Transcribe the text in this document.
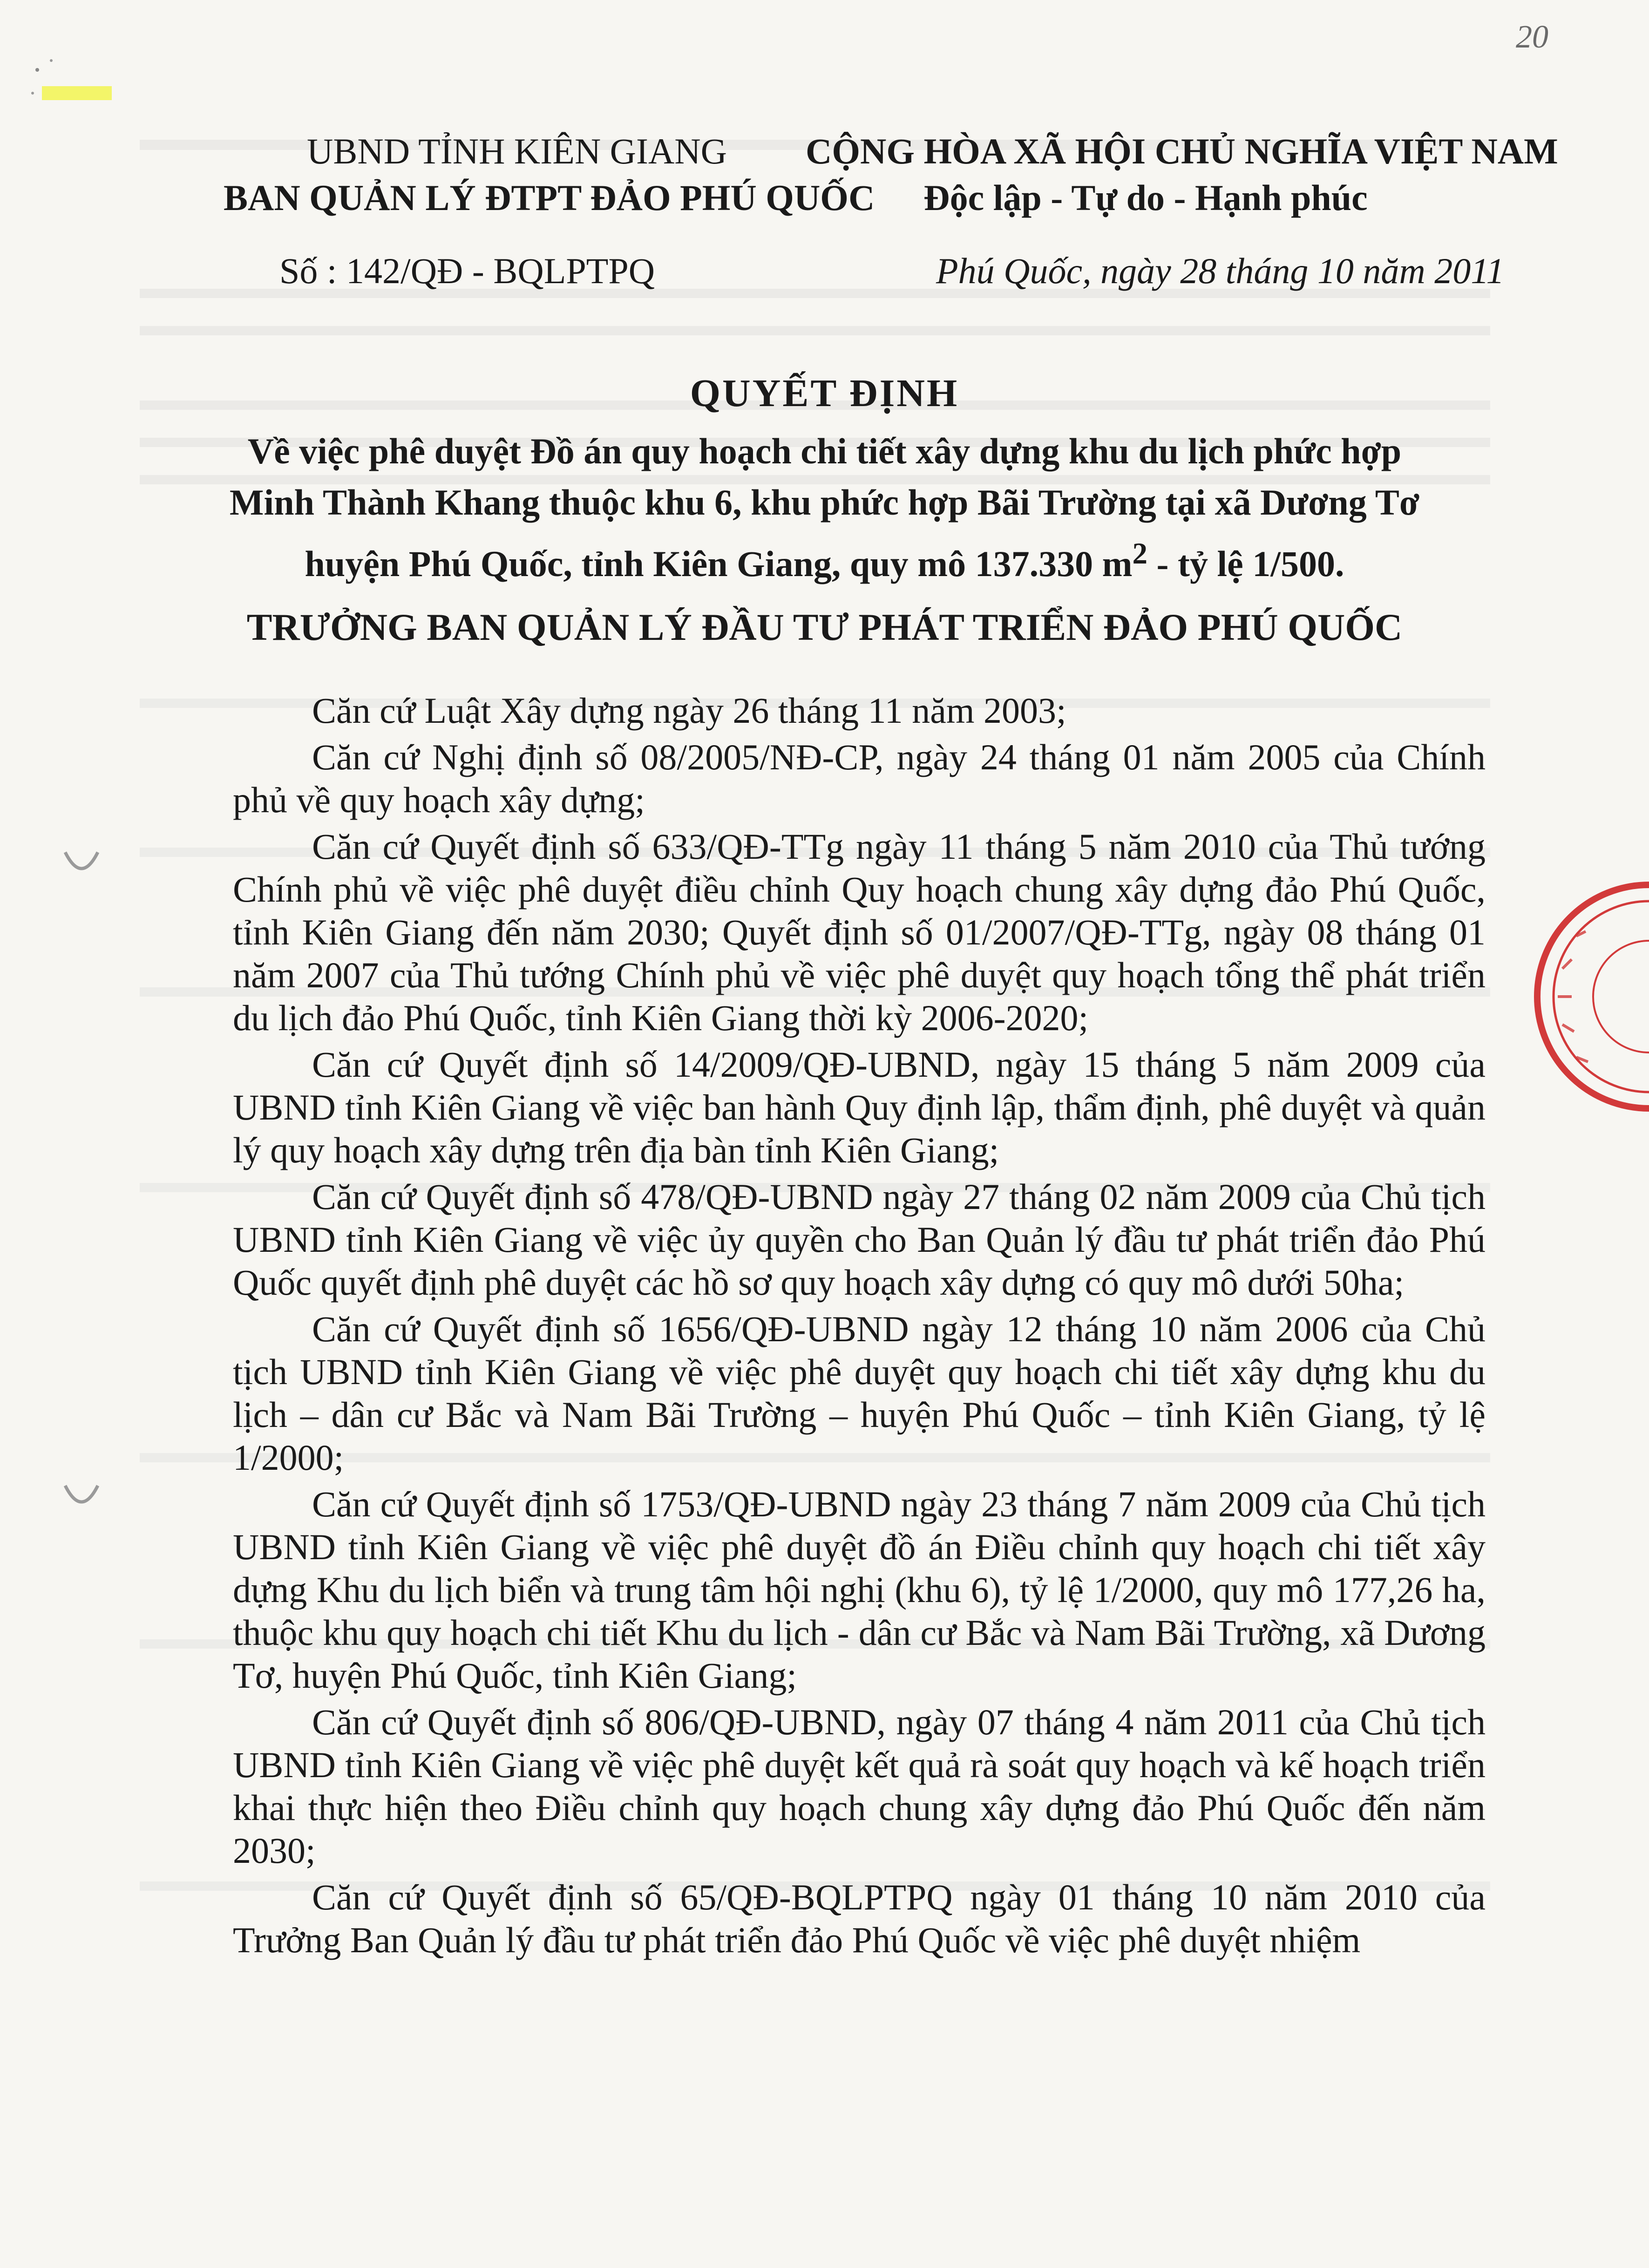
20
UBND TỈNH KIÊN GIANG
BAN QUẢN LÝ ĐTPT ĐẢO PHÚ QUỐC
CỘNG HÒA XÃ HỘI CHỦ NGHĨA VIỆT NAM
Độc lập - Tự do - Hạnh phúc
Số : 142/QĐ - BQLPTPQ	Phú Quốc, ngày 28 tháng 10 năm 2011
QUYẾT ĐỊNH
Về việc phê duyệt Đồ án quy hoạch chi tiết xây dựng khu du lịch phức hợp
Minh Thành Khang thuộc khu 6, khu phức hợp Bãi Trường tại xã Dương Tơ
huyện Phú Quốc, tỉnh Kiên Giang, quy mô 137.330 $m^2$ - tỷ lệ 1/500.
TRƯỞNG BAN QUẢN LÝ ĐẦU TƯ PHÁT TRIỂN ĐẢO PHÚ QUỐC

Căn cứ Luật Xây dựng ngày 26 tháng 11 năm 2003;

Căn cứ Nghị định số 08/2005/NĐ-CP, ngày 24 tháng 01 năm 2005 của Chính phủ về quy hoạch xây dựng;

Căn cứ Quyết định số 633/QĐ-TTg ngày 11 tháng 5 năm 2010 của Thủ tướng Chính phủ về việc phê duyệt điều chỉnh Quy hoạch chung xây dựng đảo Phú Quốc, tỉnh Kiên Giang đến năm 2030; Quyết định số 01/2007/QĐ-TTg, ngày 08 tháng 01 năm 2007 của Thủ tướng Chính phủ về việc phê duyệt quy hoạch tổng thể phát triển du lịch đảo Phú Quốc, tỉnh Kiên Giang thời kỳ 2006-2020;

Căn cứ Quyết định số 14/2009/QĐ-UBND, ngày 15 tháng 5 năm 2009 của UBND tỉnh Kiên Giang về việc ban hành Quy định lập, thẩm định, phê duyệt và quản lý quy hoạch xây dựng trên địa bàn tỉnh Kiên Giang;

Căn cứ Quyết định số 478/QĐ-UBND ngày 27 tháng 02 năm 2009 của Chủ tịch UBND tỉnh Kiên Giang về việc ủy quyền cho Ban Quản lý đầu tư phát triển đảo Phú Quốc quyết định phê duyệt các hồ sơ quy hoạch xây dựng có quy mô dưới 50ha;

Căn cứ Quyết định số 1656/QĐ-UBND ngày 12 tháng 10 năm 2006 của Chủ tịch UBND tỉnh Kiên Giang về việc phê duyệt quy hoạch chi tiết xây dựng khu du lịch – dân cư Bắc và Nam Bãi Trường – huyện Phú Quốc – tỉnh Kiên Giang, tỷ lệ 1/2000;

Căn cứ Quyết định số 1753/QĐ-UBND ngày 23 tháng 7 năm 2009 của Chủ tịch UBND tỉnh Kiên Giang về việc phê duyệt đồ án Điều chỉnh quy hoạch chi tiết xây dựng Khu du lịch biển và trung tâm hội nghị (khu 6), tỷ lệ 1/2000, quy mô 177,26 ha, thuộc khu quy hoạch chi tiết Khu du lịch - dân cư Bắc và Nam Bãi Trường, xã Dương Tơ, huyện Phú Quốc, tỉnh Kiên Giang;

Căn cứ Quyết định số 806/QĐ-UBND, ngày 07 tháng 4 năm 2011 của Chủ tịch UBND tỉnh Kiên Giang về việc phê duyệt kết quả rà soát quy hoạch và kế hoạch triển khai thực hiện theo Điều chỉnh quy hoạch chung xây dựng đảo Phú Quốc đến năm 2030;

Căn cứ Quyết định số 65/QĐ-BQLPTPQ ngày 01 tháng 10 năm 2010 của Trưởng Ban Quản lý đầu tư phát triển đảo Phú Quốc về việc phê duyệt nhiệm
